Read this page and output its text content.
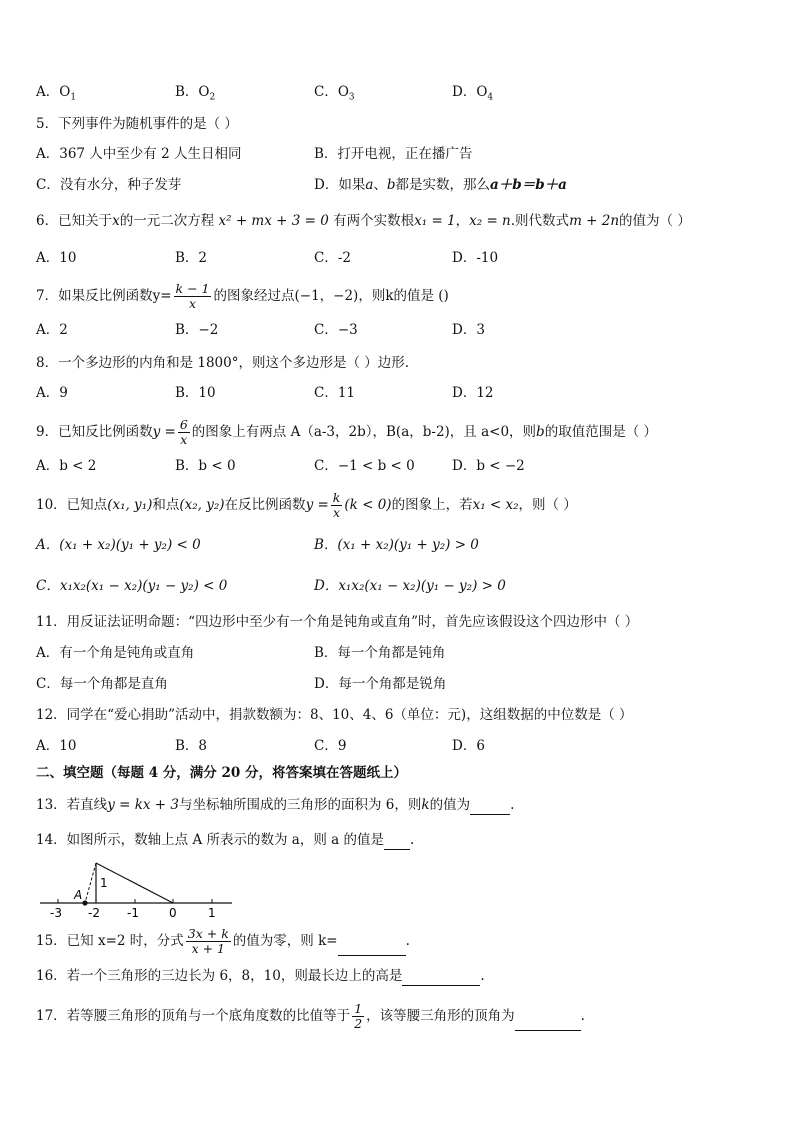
A．$O_1$	B．$O_2$	C．$O_3$	D．$O_4$
5．下列事件为随机事件的是（ ）
A．367 人中至少有 2 人生日相同	B．打开电视，正在播广告
C．没有水分，种子发芽	D．如果a、b都是实数，那么a＋b＝b＋a
6．已知关于x的一元二次方程 x² + mx + 3 = 0 有两个实数根x₁ = 1，x₂ = n.则代数式m + 2n的值为（ ）
A．10	B．2	C．-2	D．-10
7．如果反比例函数$y= \frac{k - 1}{x}$ 的图象经过点(−1，−2)，则k的值是 ()
A．2	B．−2	C．−3	D．3
8．一个多边形的内角和是 1800°，则这个多边形是（ ）边形.
A．9	B．10	C．11	D．12
9．已知反比例函数$y = \frac{6}{x}$ 的图象上有两点 A（a-3，2b），B(a，b-2)，且 a<0，则b的取值范围是（ ）
A．b < 2	B．b < 0	C．−1 < b < 0	D．b < −2
10．已知点(x₁, y₁)和点(x₂, y₂)在反比例函数$y = \frac{k}{x} (k < 0)$的图象上，若x₁ < x₂，则（ ）
A．(x₁ + x₂)(y₁ + y₂) < 0	B．(x₁ + x₂)(y₁ + y₂) > 0
C．x₁x₂(x₁ − x₂)(y₁ − y₂) < 0	D．x₁x₂(x₁ − x₂)(y₁ − y₂) > 0
11．用反证法证明命题：“四边形中至少有一个角是钝角或直角”时，首先应该假设这个四边形中（ ）
A．有一个角是钝角或直角	B．每一个角都是钝角
C．每一个角都是直角	D．每一个角都是锐角
12．同学在“爱心捐助”活动中，捐款数额为：8、10、4、6（单位：元)，这组数据的中位数是（ ）
A．10	B．8	C．9	D．6
二、填空题（每题 4 分，满分 20 分，将答案填在答题纸上）
13．若直线y = kx + 3与坐标轴所围成的三角形的面积为 6，则k的值为	.
14．如图所示，数轴上点 A 所表示的数为 a，则 a 的值是 .
A
1
-3 -2 -1	0	1
15．已知 x=2 时，分式 $\frac{3x + k}{x + 1}$ 的值为零，则 k=	.
16．若一个三角形的三边长为 6，8，10，则最长边上的高是	.
17．若等腰三角形的顶角与一个底角度数的比值等于 $\frac{1}{2}$ ，该等腰三角形的顶角为	.
